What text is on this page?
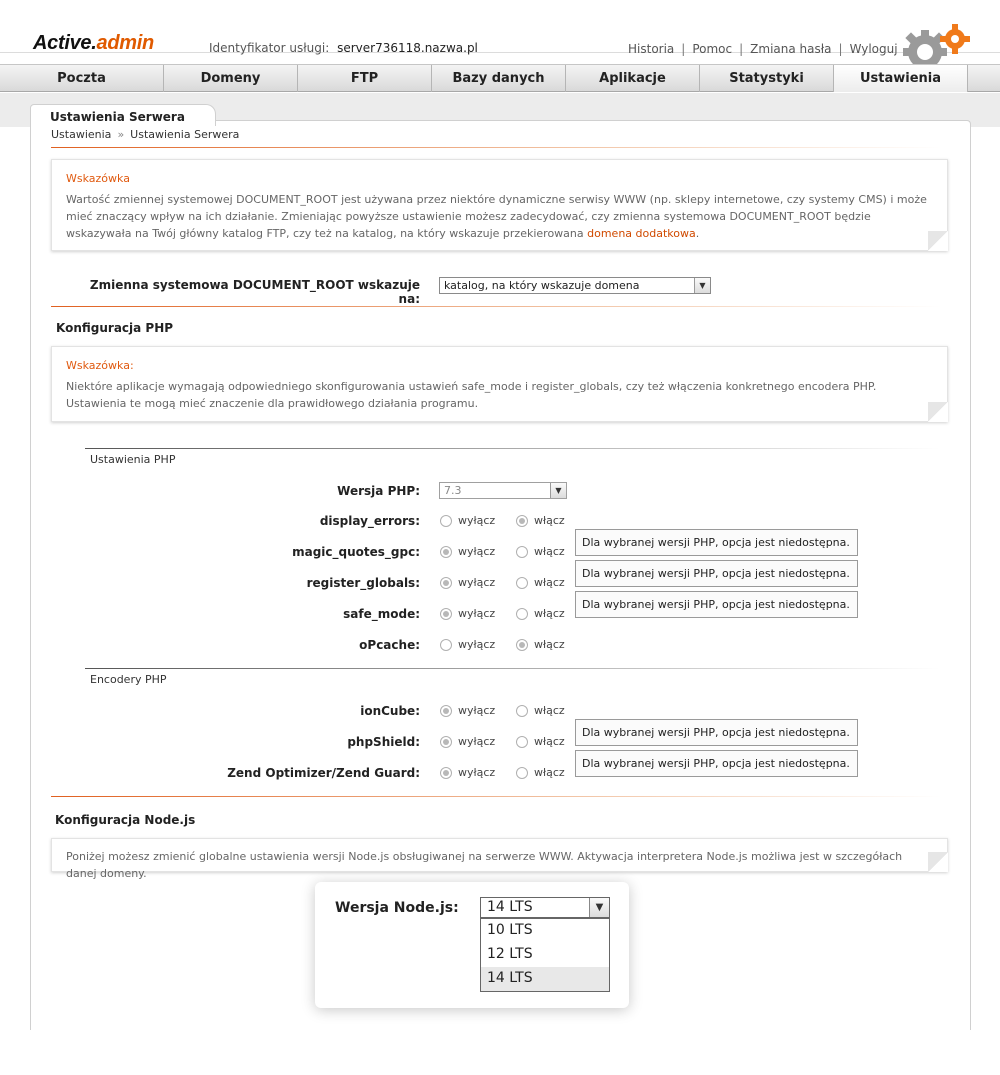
Active.admin	Identyfikator usługi: server736118.nazwa.pl	Historia | Pomoc | Zmiana hasła | Wyloguj
Poczta	Domeny	FTP	Bazy danych	Aplikacje	Statystyki	Ustawienia
Ustawienia Serwera
Ustawienia » Ustawienia Serwera
Wskazówka
Wartość zmiennej systemowej DOCUMENT_ROOT jest używana przez niektóre dynamiczne serwisy WWW (np. sklepy internetowe, czy systemy CMS) i może mieć znaczący wpływ na ich działanie. Zmieniając powyższe ustawienie możesz zadecydować, czy zmienna systemowa DOCUMENT_ROOT będzie wskazywała na Twój główny katalog FTP, czy też na katalog, na który wskazuje przekierowana domena dodatkowa.
Zmienna systemowa DOCUMENT_ROOT wskazuje na:
katalog, na który wskazuje domena	▼
Konfiguracja PHP
Wskazówka:
Niektóre aplikacje wymagają odpowiedniego skonfigurowania ustawień safe_mode i register_globals, czy też włączenia konkretnego encodera PHP. Ustawienia te mogą mieć znaczenie dla prawidłowego działania programu.
Ustawienia PHP
Wersja PHP:	7.3	▼
display_errors:	wyłącz	włącz
magic_quotes_gpc:	wyłącz	włącz
Dla wybranej wersji PHP, opcja jest niedostępna.
register_globals:	wyłącz	włącz
Dla wybranej wersji PHP, opcja jest niedostępna.
safe_mode:	wyłącz	włącz
Dla wybranej wersji PHP, opcja jest niedostępna.
oPcache:	wyłącz	włącz
Encodery PHP
ionCube:	wyłącz	włącz
phpShield:	wyłącz	włącz
Dla wybranej wersji PHP, opcja jest niedostępna.
Zend Optimizer/Zend Guard:	wyłącz	włącz
Dla wybranej wersji PHP, opcja jest niedostępna.
Konfiguracja Node.js
Poniżej możesz zmienić globalne ustawienia wersji Node.js obsługiwanej na serwerze WWW. Aktywacja interpretera Node.js możliwa jest w szczegółach danej domeny.
Wersja Node.js:	14 LTS	▼
10 LTS
12 LTS
14 LTS
